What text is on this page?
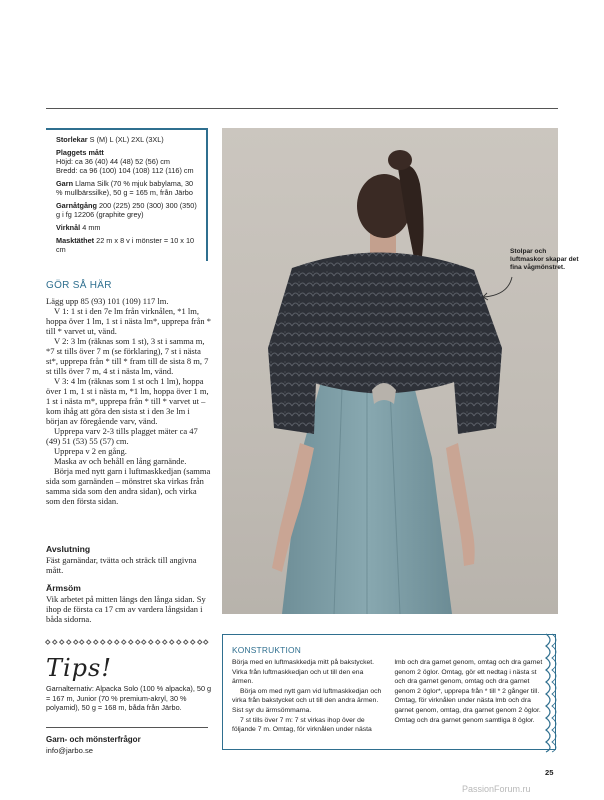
Storlekar S (M) L (XL) 2XL (3XL)

Plaggets mått
Höjd: ca 36 (40) 44 (48) 52 (56) cm
Bredd: ca 96 (100) 104 (108) 112 (116) cm

Garn Llama Silk (70 % mjuk babylama, 30 % mullbärssilke), 50 g = 165 m, från Järbo

Garnåtgång 200 (225) 250 (300) 300 (350) g i fg 12206 (graphite grey)

Virknål 4 mm

Masktäthet 22 m x 8 v i mönster = 10 x 10 cm

GÖR SÅ HÄR

Lägg upp 85 (93) 101 (109) 117 lm.

V 1: 1 st i den 7e lm från virknålen, *1 lm, hoppa över 1 lm, 1 st i nästa lm*, upprepa från * till * varvet ut, vänd.

V 2: 3 lm (räknas som 1 st), 3 st i samma m, *7 st tills över 7 m (se förklaring), 7 st i nästa st*, upprepa från * till * fram till de sista 8 m, 7 st tills över 7 m, 4 st i nästa lm, vänd.

V 3: 4 lm (räknas som 1 st och 1 lm), hoppa över 1 m, 1 st i nästa m, *1 lm, hoppa över 1 m, 1 st i nästa m*, upprepa från * till * varvet ut – kom ihåg att göra den sista st i den 3e lm i början av föregående varv, vänd.

Upprepa varv 2-3 tills plagget mäter ca 47 (49) 51 (53) 55 (57) cm.

Upprepa v 2 en gång.

Maska av och behåll en lång garnände.

Börja med nytt garn i luftmaskkedjan (samma sida som garnänden – mönstret ska virkas från samma sida som den andra sidan), och virka som den första sidan.

Avslutning

Fäst garnändar, tvätta och sträck till angivna mått.

Ärmsöm

Vik arbetet på mitten längs den långa sidan. Sy ihop de första ca 17 cm av vardera långsidan i båda sidorna.

Tips!
Garnalternativ: Alpacka Solo (100 % alpacka), 50 g = 167 m, Junior (70 % premium-akryl, 30 % polyamid), 50 g = 168 m, båda från Järbo.
Garn- och mönsterfrågor
info@jarbo.se
Stolpar och luftmaskor skapar det fina vågmönstret.
KONSTRUKTION

Börja med en luftmaskkedja mitt på bakstycket. Virka från luftmaskkedjan och ut till den ena ärmen.

Börja om med nytt garn vid luftmaskkedjan och virka från bakstycket och ut till den andra ärmen. Sist syr du ärmsömmarna.

7 st tills över 7 m: 7 st virkas ihop över de följande 7 m. Omtag, för virknålen under nästa

lmb och dra garnet genom, omtag och dra garnet genom 2 öglor. Omtag, gör ett nedtag i nästa st och dra garnet genom, omtag och dra garnet genom 2 öglor*, upprepa från * till * 2 gånger till. Omtag, för virknålen under nästa lmb och dra garnet genom, omtag, dra garnet genom 2 öglor. Omtag och dra garnet genom samtliga 8 öglor.

25
PassionForum.ru
